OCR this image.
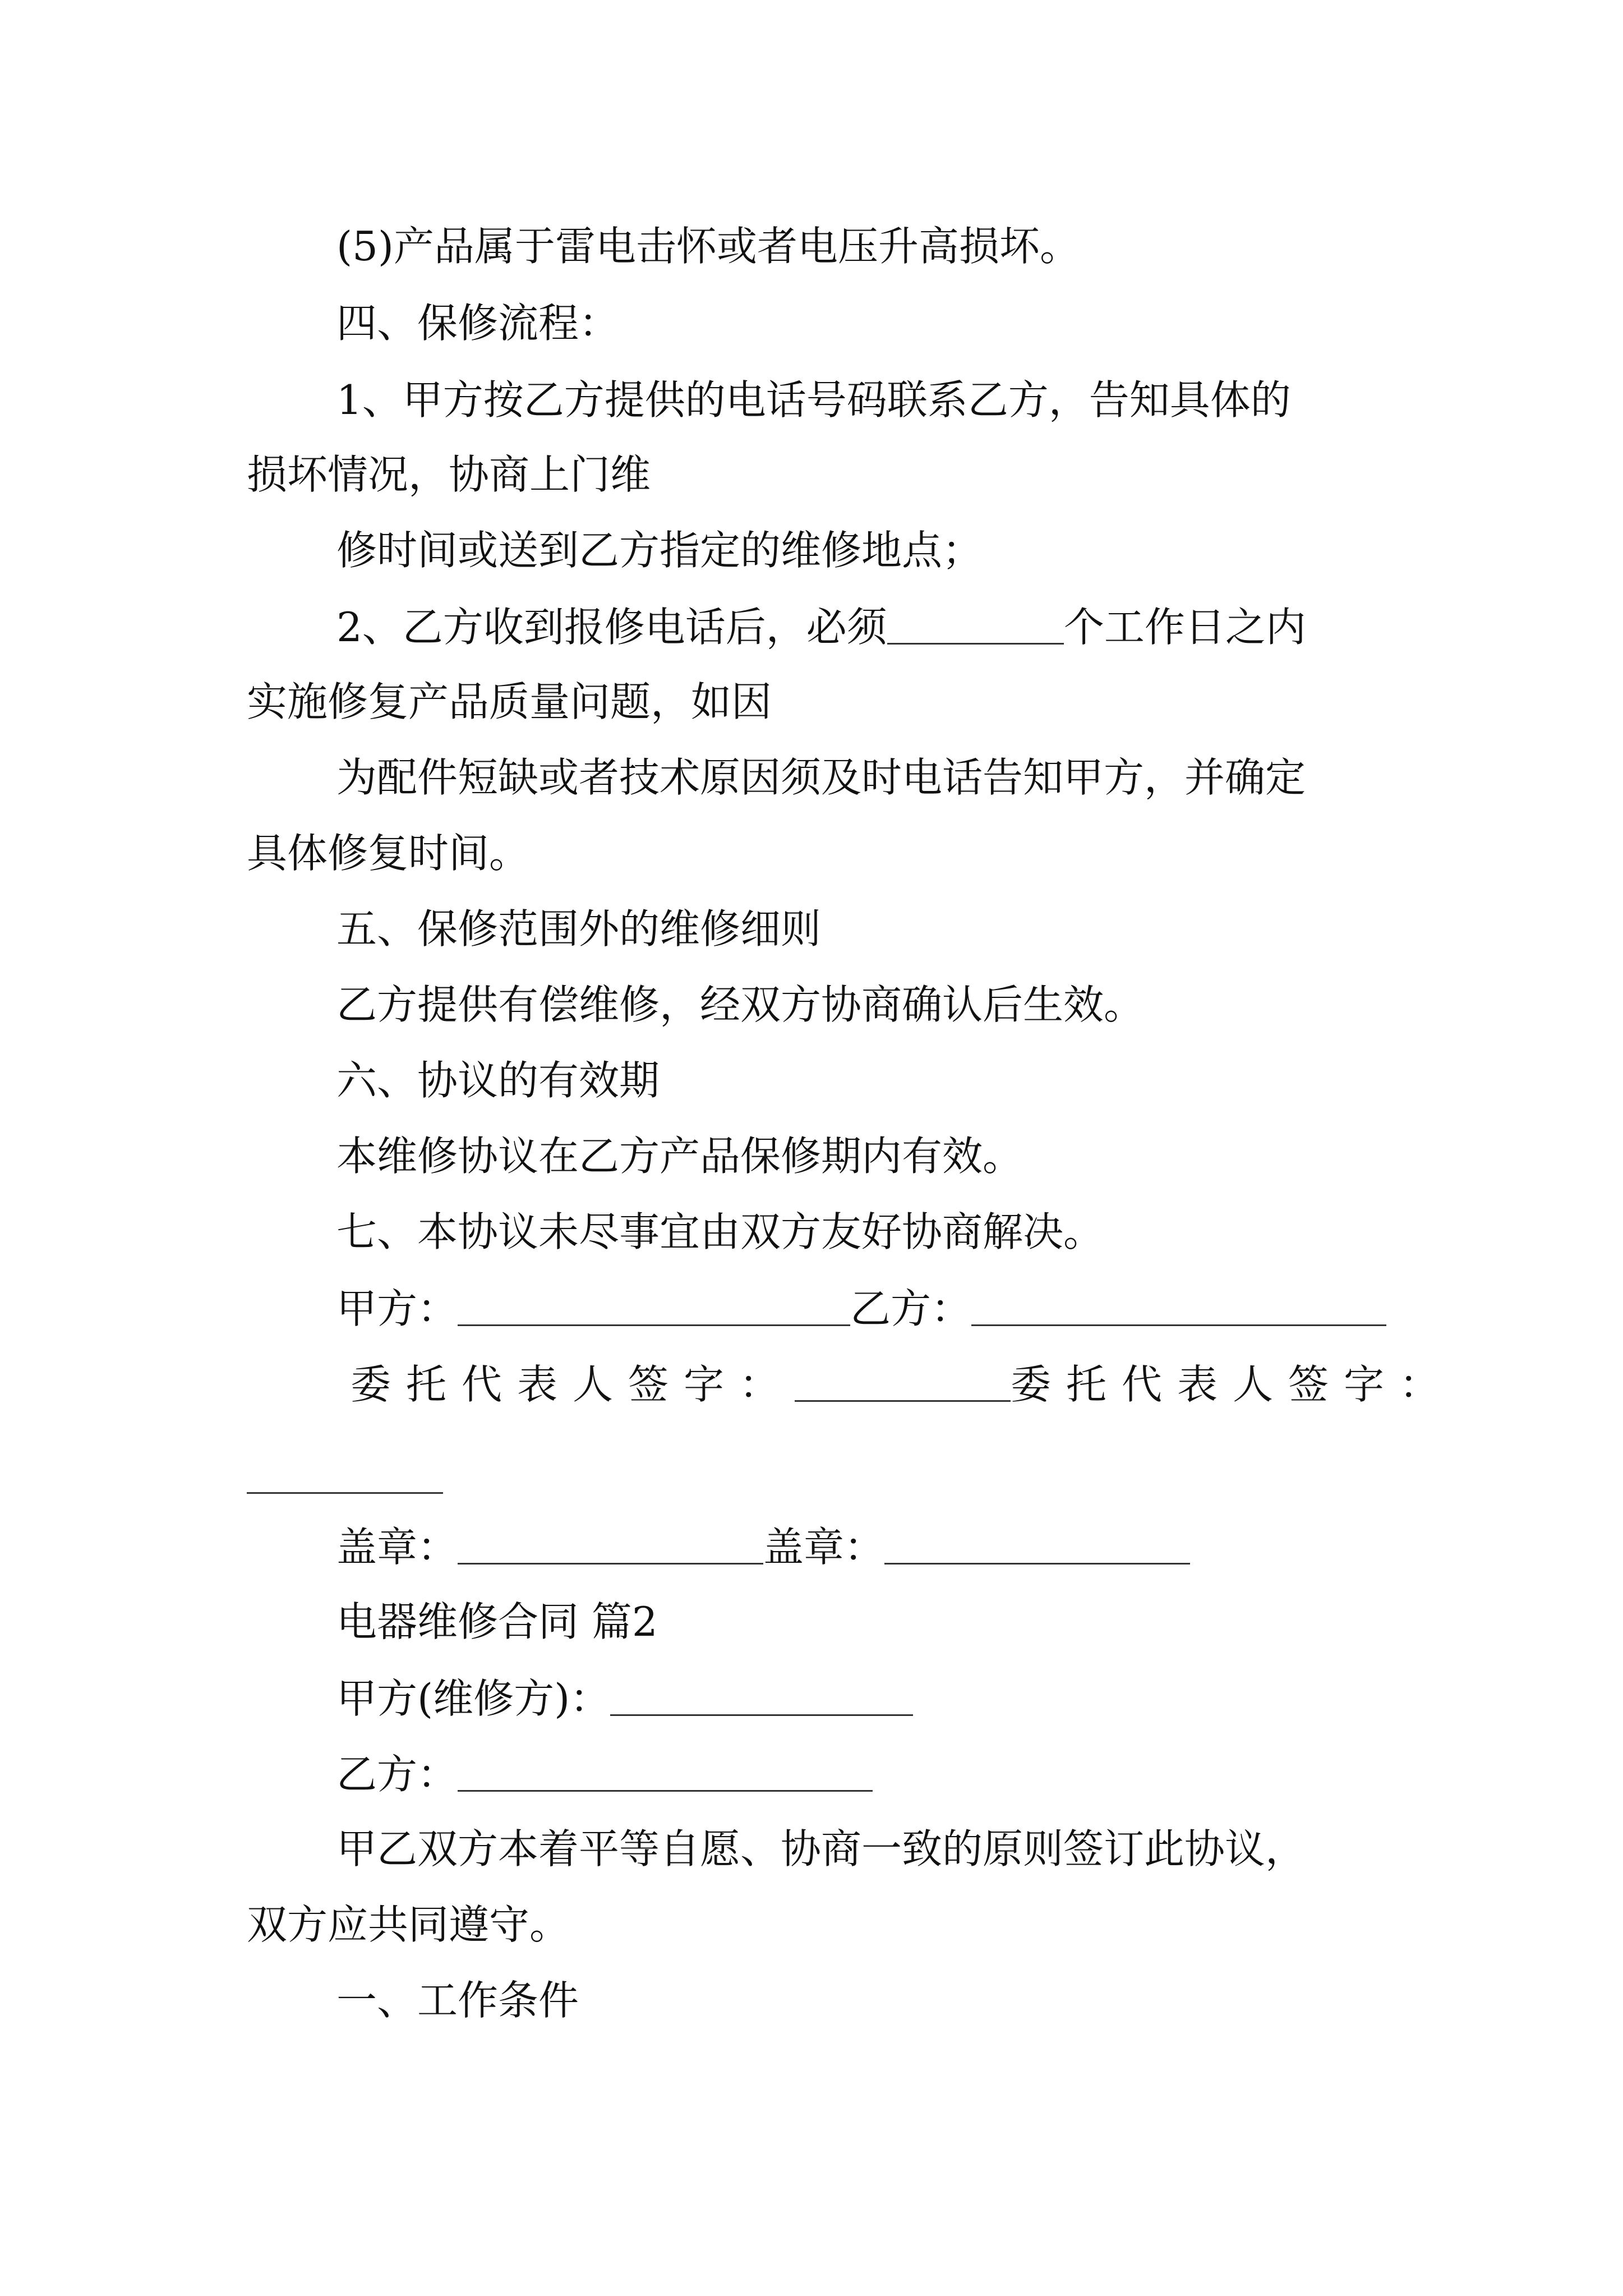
(5)产品属于雷电击怀或者电压升高损坏。
四、保修流程：
1、甲方按乙方提供的电话号码联系乙方，告知具体的
损坏情况，协商上门维
修时间或送到乙方指定的维修地点；
2、乙方收到报修电话后，必须	个工作日之内
实施修复产品质量问题，如因
为配件短缺或者技术原因须及时电话告知甲方，并确定
具体修复时间。
五、保修范围外的维修细则
乙方提供有偿维修，经双方协商确认后生效。
六、协议的有效期
本维修协议在乙方产品保修期内有效。
七、本协议未尽事宜由双方友好协商解决。
甲方：	乙方：
委托代表人签字：	委托代表人签字：
盖章：	盖章：
电器维修合同 篇2
甲方(维修方)：
乙方：
甲乙双方本着平等自愿、协商一致的原则签订此协议，
双方应共同遵守。
一、工作条件
